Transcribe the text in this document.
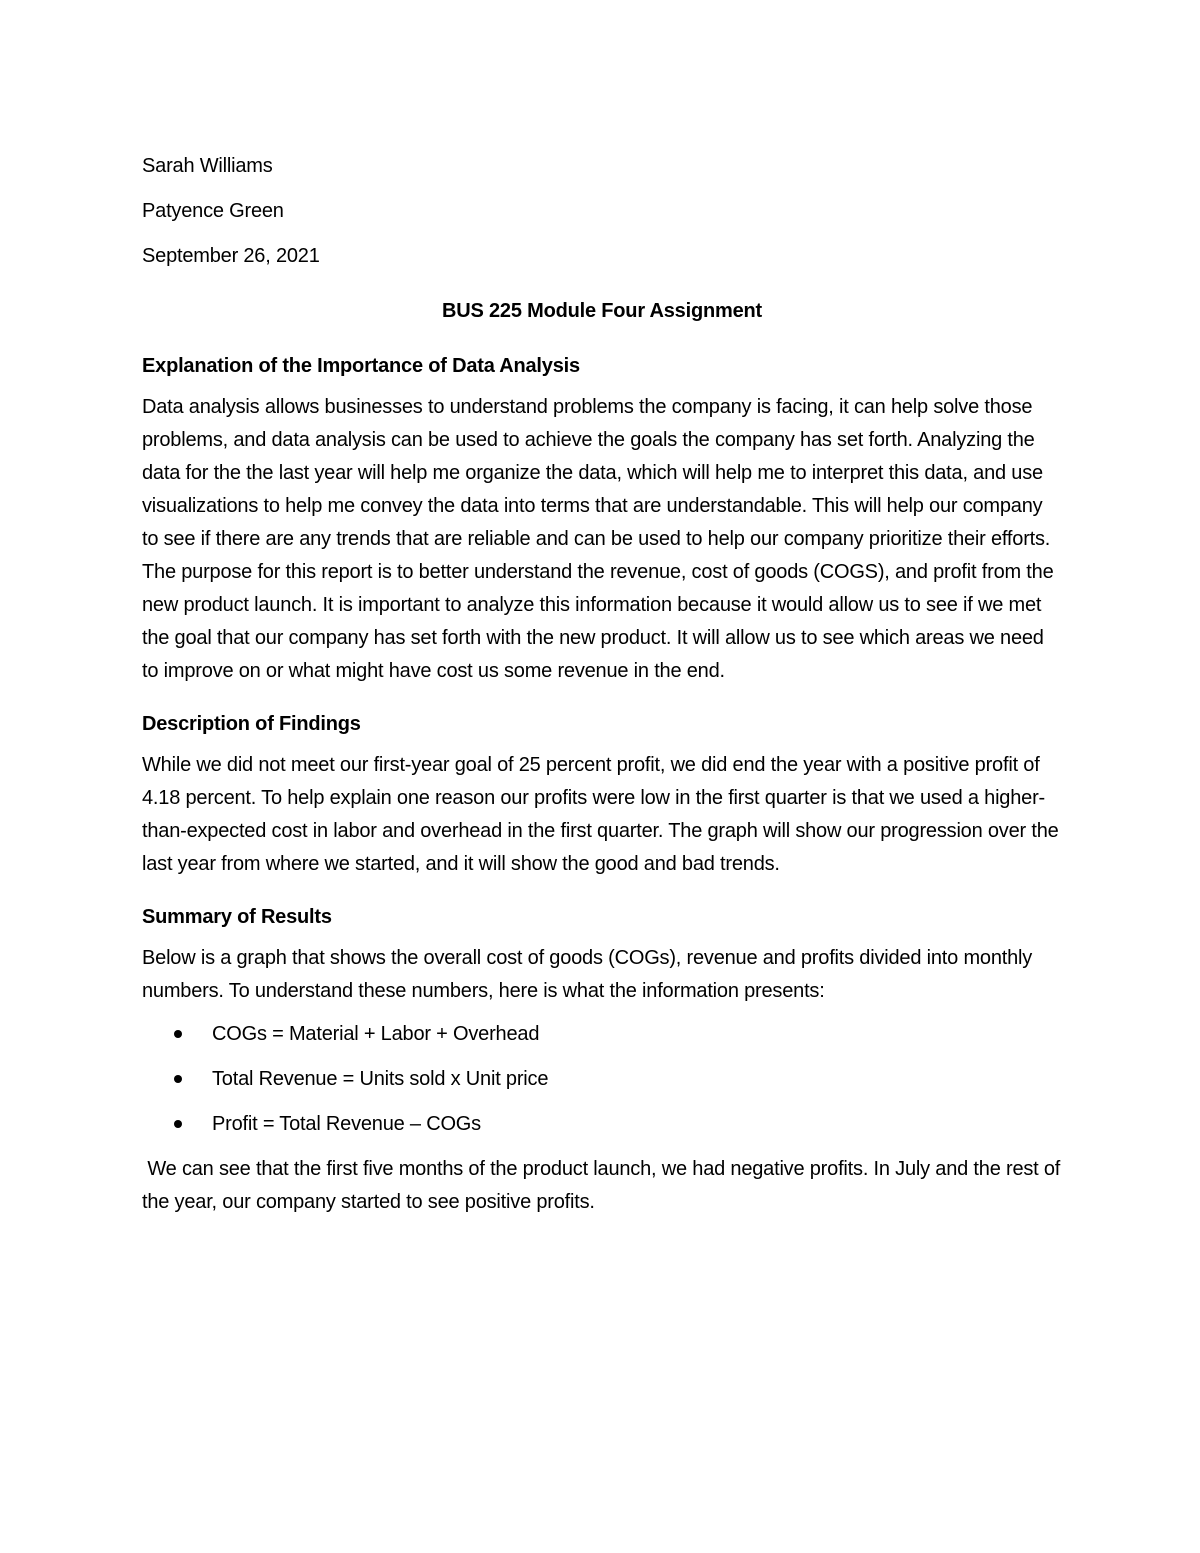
Sarah Williams
Patyence Green
September 26, 2021
BUS 225 Module Four Assignment
Explanation of the Importance of Data Analysis

Data analysis allows businesses to understand problems the company is facing, it can help solve those problems, and data analysis can be used to achieve the goals the company has set forth. Analyzing the data for the the last year will help me organize the data, which will help me to interpret this data, and use visualizations to help me convey the data into terms that are understandable. This will help our company to see if there are any trends that are reliable and can be used to help our company prioritize their efforts. The purpose for this report is to better understand the revenue, cost of goods (COGS), and profit from the new product launch. It is important to analyze this information because it would allow us to see if we met the goal that our company has set forth with the new product. It will allow us to see which areas we need to improve on or what might have cost us some revenue in the end.

Description of Findings

While we did not meet our first-year goal of 25 percent profit, we did end the year with a positive profit of 4.18 percent. To help explain one reason our profits were low in the first quarter is that we used a higher-than-expected cost in labor and overhead in the first quarter. The graph will show our progression over the last year from where we started, and it will show the good and bad trends.

Summary of Results

Below is a graph that shows the overall cost of goods (COGs), revenue and profits divided into monthly numbers. To understand these numbers, here is what the information presents:

COGs = Material + Labor + Overhead
Total Revenue = Units sold x Unit price
Profit = Total Revenue – COGs

We can see that the first five months of the product launch, we had negative profits. In July and the rest of the year, our company started to see positive profits.
